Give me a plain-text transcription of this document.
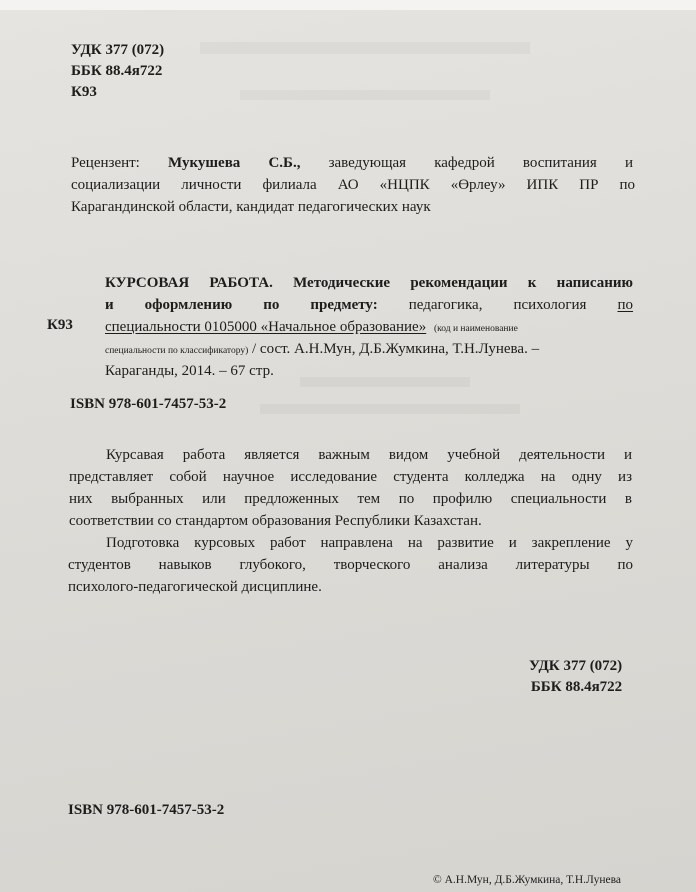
УДК 377 (072)
ББК 88.4я722
К93
Рецензент: Мукушева С.Б., заведующая кафедрой воспитания и
социализации личности филиала АО «НЦПК «Өрлеу» ИПК ПР по
Карагандинской области, кандидат педагогических наук
К93
КУРСОВАЯ РАБОТА. Методические рекомендации к написанию
и оформлению по предмету: педагогика, психология по
специальности 0105000 «Начальное образование» (код и наименование
специальности по классификатору) / сост. А.Н.Мун, Д.Б.Жумкина, Т.Н.Лунева. –
Караганды, 2014. – 67 стр.
ISBN 978-601-7457-53-2
Курсавая работа является важным видом учебной деятельности и
представляет собой научное исследование студента колледжа на одну из
них выбранных или предложенных тем по профилю специальности в
соответствии со стандартом образования Республики Казахстан.
Подготовка курсовых работ направлена на развитие и закрепление у
студентов навыков глубокого, творческого анализа литературы по
психолого-педагогической дисциплине.
УДК 377 (072)
ББК 88.4я722
ISBN 978-601-7457-53-2
© А.Н.Мун, Д.Б.Жумкина, Т.Н.Лунева
